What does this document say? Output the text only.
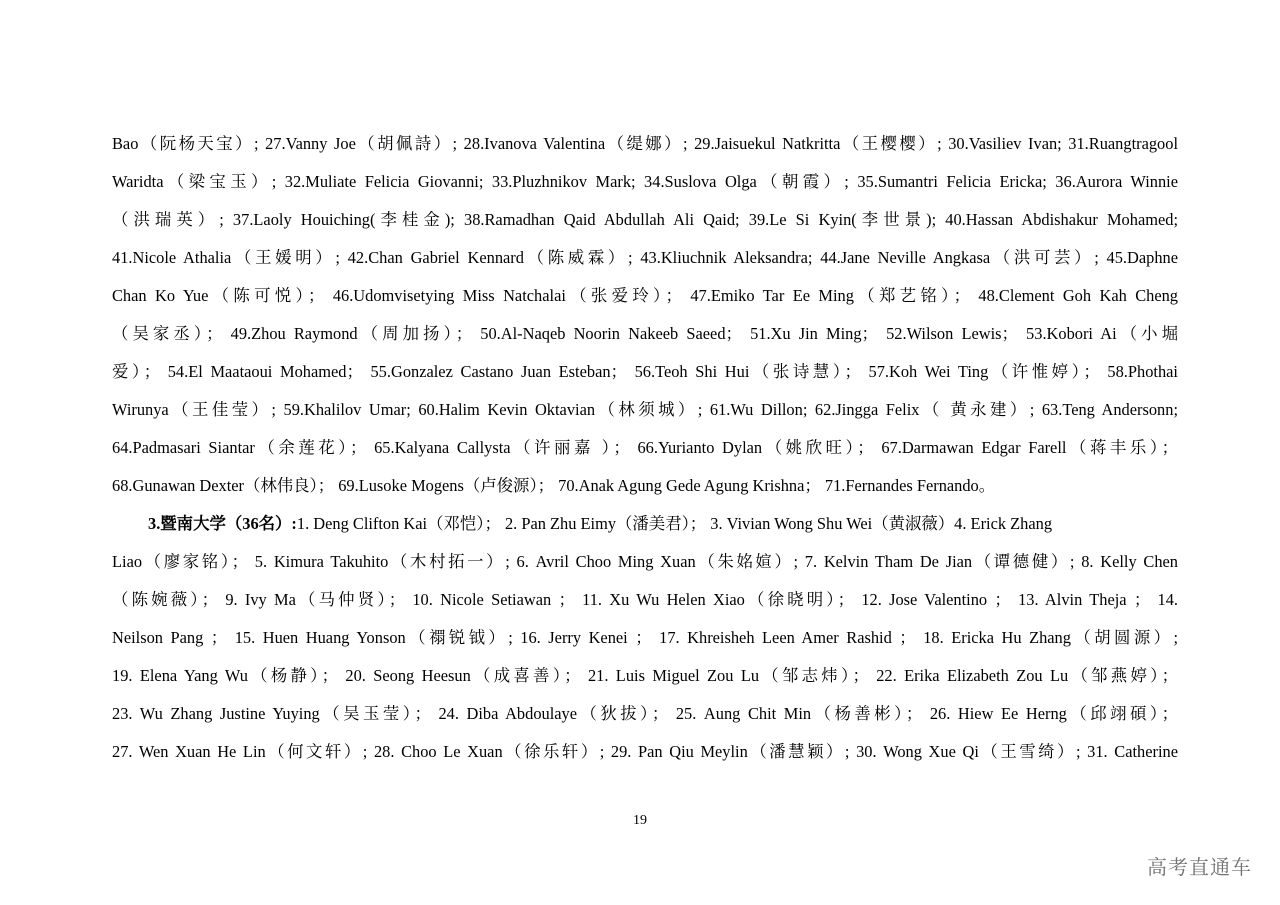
Bao（阮杨天宝）; 27.Vanny Joe（胡佩詩）; 28.Ivanova Valentina（缇娜）; 29.Jaisuekul Natkritta（王樱樱）; 30.Vasiliev Ivan; 31.Ruangtragool
Waridta（梁宝玉）; 32.Muliate Felicia Giovanni; 33.Pluzhnikov Mark; 34.Suslova Olga（朝霞）; 35.Sumantri Felicia Ericka; 36.Aurora Winnie
（洪瑞英）; 37.Laoly Houiching(李桂金); 38.Ramadhan Qaid Abdullah Ali Qaid; 39.Le Si Kyin(李世景); 40.Hassan Abdishakur Mohamed;
41.Nicole Athalia（王媛明）; 42.Chan Gabriel Kennard（陈威霖）; 43.Kliuchnik Aleksandra; 44.Jane Neville Angkasa（洪可芸）; 45.Daphne
Chan Ko Yue（陈可悦）； 46.Udomvisetying Miss Natchalai（张爱玲）； 47.Emiko Tar Ee Ming（郑艺铭）； 48.Clement Goh Kah Cheng
（吴家丞）； 49.Zhou Raymond（周加扬）； 50.Al-Naqeb Noorin Nakeeb Saeed； 51.Xu Jin Ming； 52.Wilson Lewis； 53.Kobori Ai（小堀
爱）； 54.El Maataoui Mohamed； 55.Gonzalez Castano Juan Esteban； 56.Teoh Shi Hui（张诗慧）； 57.Koh Wei Ting（许惟婷）； 58.Phothai
Wirunya（王佳莹）; 59.Khalilov Umar; 60.Halim Kevin Oktavian（林须城）; 61.Wu Dillon; 62.Jingga Felix（ 黄永建）; 63.Teng Andersonn;
64.Padmasari Siantar（余莲花）； 65.Kalyana Callysta（许丽嘉 ）； 66.Yurianto Dylan（姚欣旺）； 67.Darmawan Edgar Farell（蒋丰乐）；
68.Gunawan Dexter（林伟良）； 69.Lusoke Mogens（卢俊源）； 70.Anak Agung Gede Agung Krishna； 71.Fernandes Fernando。
3.暨南大学（36名）: 1. Deng Clifton Kai（邓恺）； 2. Pan Zhu Eimy（潘美君）； 3. Vivian Wong Shu Wei（黄淑薇）4. Erick Zhang
Liao（廖家铭）； 5. Kimura Takuhito（木村拓一）; 6. Avril Choo Ming Xuan（朱姳媗）; 7. Kelvin Tham De Jian（谭德健）; 8. Kelly Chen
（陈婉薇）； 9. Ivy Ma（马仲贤）； 10. Nicole Setiawan ； 11. Xu Wu Helen Xiao（徐晓明）； 12. Jose Valentino ； 13. Alvin Theja ； 14.
Neilson Pang ； 15. Huen Huang Yonson（禤锐钺）; 16. Jerry Kenei ； 17. Khreisheh Leen Amer Rashid ； 18. Ericka Hu Zhang（胡圆源）;
19. Elena Yang Wu（杨静）； 20. Seong Heesun（成喜善）； 21. Luis Miguel Zou Lu（邹志炜）； 22. Erika Elizabeth Zou Lu（邹燕婷）；
23. Wu Zhang Justine Yuying（吴玉莹）； 24. Diba Abdoulaye（狄拔）； 25. Aung Chit Min（杨善彬）； 26. Hiew Ee Herng（邱翊碩）；
27. Wen Xuan He Lin（何文轩）; 28. Choo Le Xuan（徐乐轩）; 29. Pan Qiu Meylin（潘慧颖）; 30. Wong Xue Qi（王雪绮）; 31. Catherine
19
高考直通车
